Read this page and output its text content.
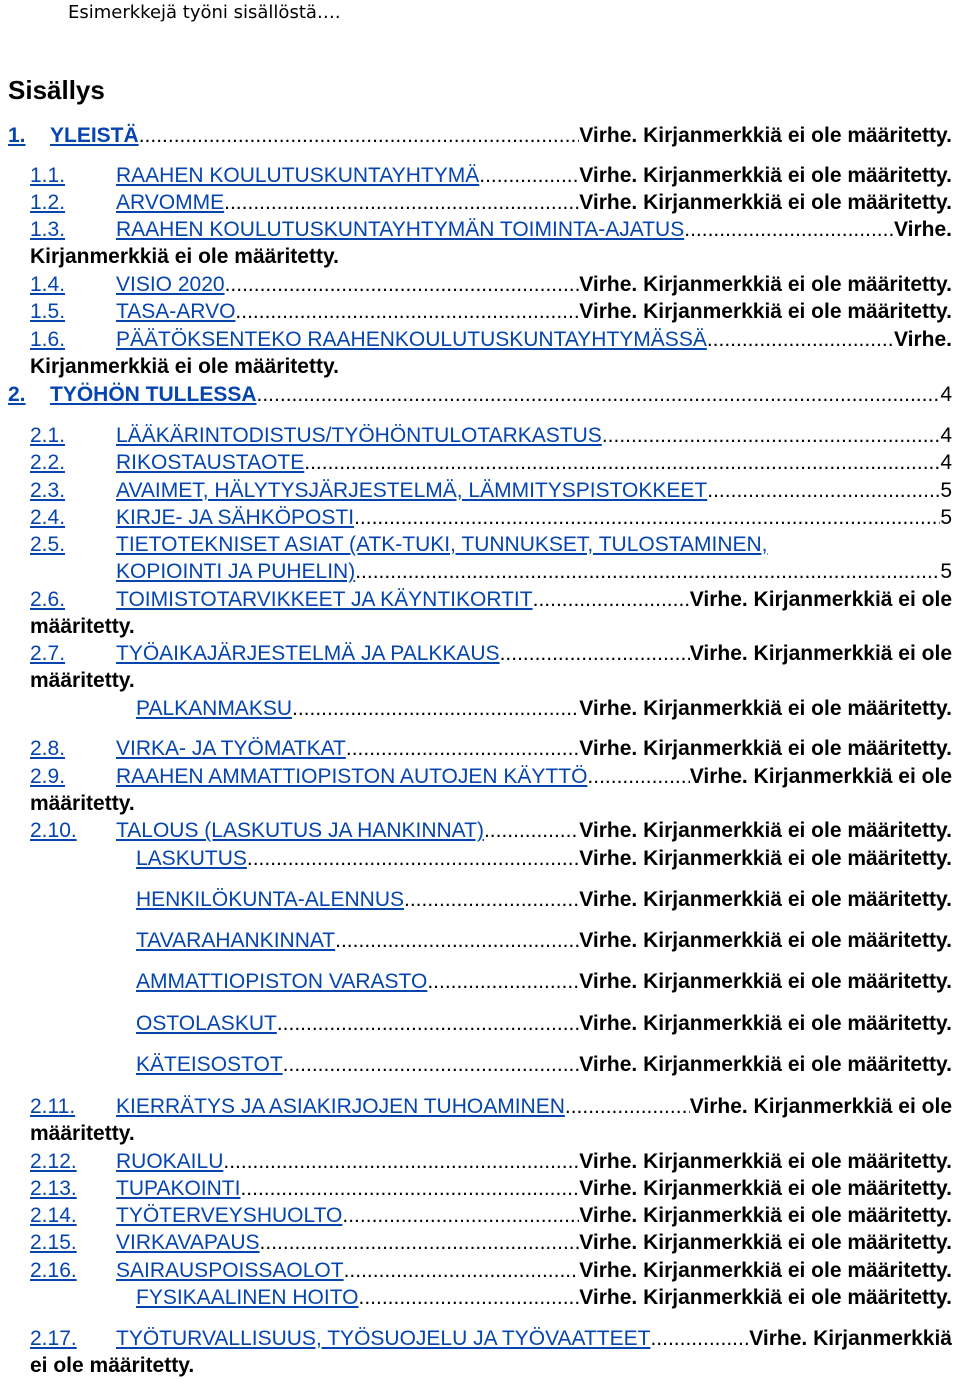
Esimerkkejä työni sisällöstä….
Sisällys
1. YLEISTÄ .....	Virhe. Kirjanmerkkiä ei ole määritetty.
1.1. RAAHEN KOULUTUSKUNTAYHTYMÄ .....	Virhe. Kirjanmerkkiä ei ole määritetty.
1.2. ARVOMME .....	Virhe. Kirjanmerkkiä ei ole määritetty.
1.3. RAAHEN KOULUTUSKUNTAYHTYMÄN TOIMINTA-AJATUS .....	Virhe.
Kirjanmerkkiä ei ole määritetty.
1.4. VISIO 2020 .....	Virhe. Kirjanmerkkiä ei ole määritetty.
1.5. TASA-ARVO .....	Virhe. Kirjanmerkkiä ei ole määritetty.
1.6. PÄÄTÖKSENTEKO RAAHENKOULUTUSKUNTAYHTYMÄSSÄ .....	Virhe.
Kirjanmerkkiä ei ole määritetty.
2. TYÖHÖN TULLESSA .....	4
2.1. LÄÄKÄRINTODISTUS/TYÖHÖNTULOTARKASTUS .....	4
2.2. RIKOSTAUSTAOTE .....	4
2.3. AVAIMET, HÄLYTYSJÄRJESTELMÄ, LÄMMITYSPISTOKKEET .....	5
2.4. KIRJE- JA SÄHKÖPOSTI .....	5
2.5. TIETOTEKNISET ASIAT (ATK-TUKI, TUNNUKSET, TULOSTAMINEN,
KOPIOINTI JA PUHELIN) .....	5
2.6. TOIMISTOTARVIKKEET JA KÄYNTIKORTIT .....	Virhe. Kirjanmerkkiä ei ole
määritetty.
2.7. TYÖAIKAJÄRJESTELMÄ JA PALKKAUS .....	Virhe. Kirjanmerkkiä ei ole
määritetty.
PALKANMAKSU .....	Virhe. Kirjanmerkkiä ei ole määritetty.
2.8. VIRKA- JA TYÖMATKAT .....	Virhe. Kirjanmerkkiä ei ole määritetty.
2.9. RAAHEN AMMATTIOPISTON AUTOJEN KÄYTTÖ .....	Virhe. Kirjanmerkkiä ei ole
määritetty.
2.10. TALOUS (LASKUTUS JA HANKINNAT) .....	Virhe. Kirjanmerkkiä ei ole määritetty.
LASKUTUS .....	Virhe. Kirjanmerkkiä ei ole määritetty.
HENKILÖKUNTA-ALENNUS .....	Virhe. Kirjanmerkkiä ei ole määritetty.
TAVARAHANKINNAT .....	Virhe. Kirjanmerkkiä ei ole määritetty.
AMMATTIOPISTON VARASTO .....	Virhe. Kirjanmerkkiä ei ole määritetty.
OSTOLASKUT .....	Virhe. Kirjanmerkkiä ei ole määritetty.
KÄTEISOSTOT .....	Virhe. Kirjanmerkkiä ei ole määritetty.
2.11. KIERRÄTYS JA ASIAKIRJOJEN TUHOAMINEN .....	Virhe. Kirjanmerkkiä ei ole
määritetty.
2.12. RUOKAILU .....	Virhe. Kirjanmerkkiä ei ole määritetty.
2.13. TUPAKOINTI .....	Virhe. Kirjanmerkkiä ei ole määritetty.
2.14. TYÖTERVEYSHUOLTO .....	Virhe. Kirjanmerkkiä ei ole määritetty.
2.15. VIRKAVAPAUS .....	Virhe. Kirjanmerkkiä ei ole määritetty.
2.16. SAIRAUSPOISSAOLOT .....	Virhe. Kirjanmerkkiä ei ole määritetty.
FYSIKAALINEN HOITO .....	Virhe. Kirjanmerkkiä ei ole määritetty.
2.17. TYÖTURVALLISUUS, TYÖSUOJELU JA TYÖVAATTEET .....	Virhe. Kirjanmerkkiä
ei ole määritetty.
